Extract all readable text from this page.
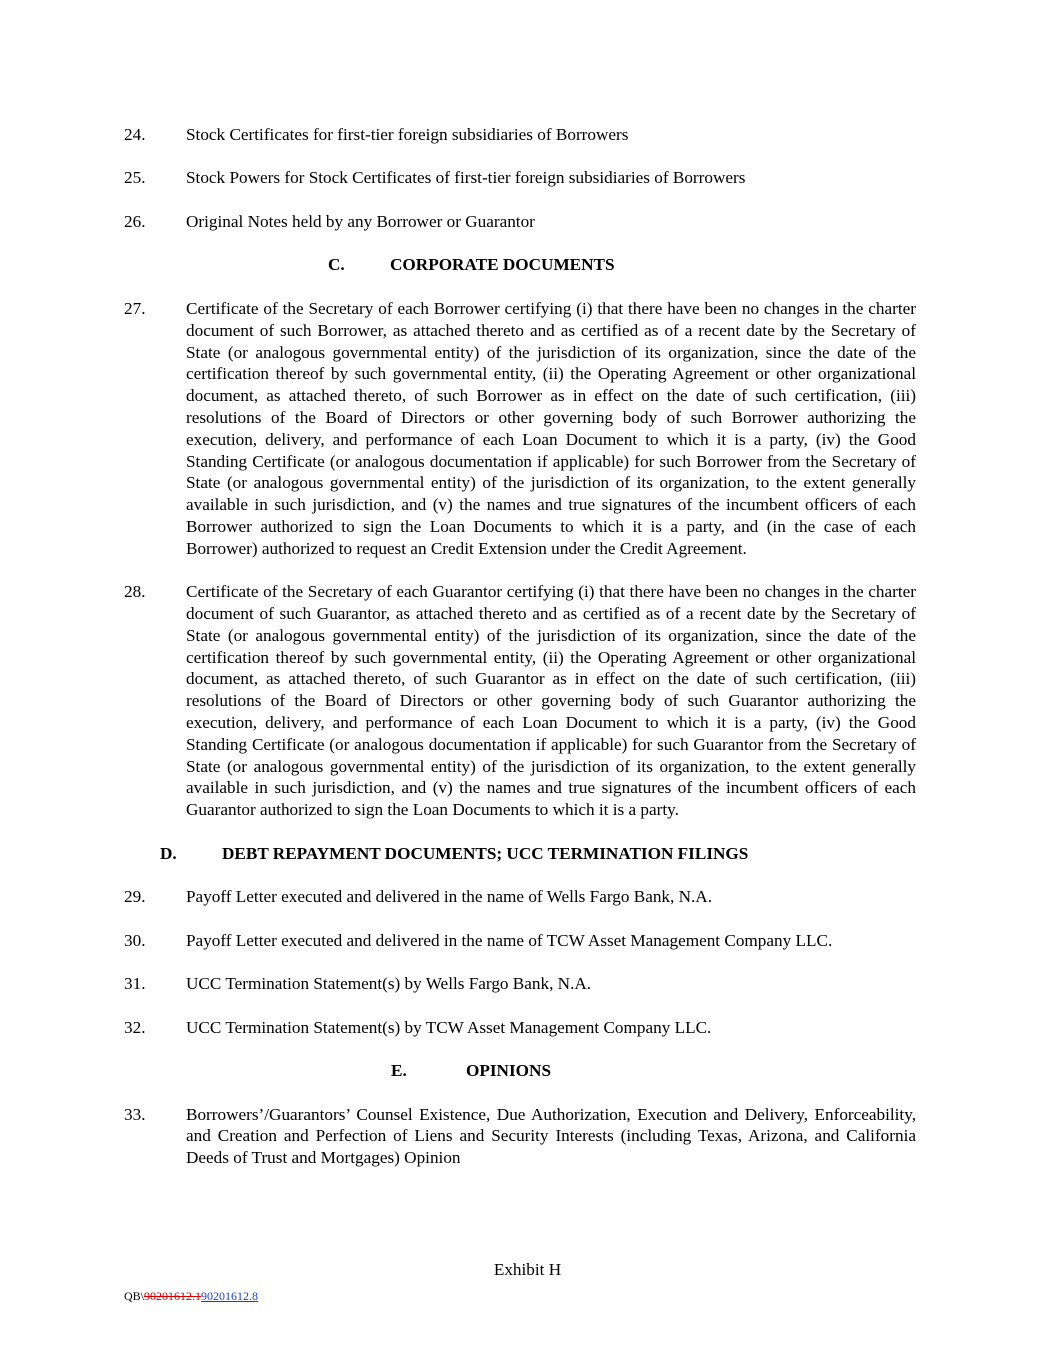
24.	Stock Certificates for first-tier foreign subsidiaries of Borrowers
25.	Stock Powers for Stock Certificates of first-tier foreign subsidiaries of Borrowers
26.	Original Notes held by any Borrower or Guarantor
C.	CORPORATE DOCUMENTS
27.	Certificate of the Secretary of each Borrower certifying (i) that there have been no changes in the charter document of such Borrower, as attached thereto and as certified as of a recent date by the Secretary of State (or analogous governmental entity) of the jurisdiction of its organization, since the date of the certification thereof by such governmental entity, (ii) the Operating Agreement or other organizational document, as attached thereto, of such Borrower as in effect on the date of such certification, (iii) resolutions of the Board of Directors or other governing body of such Borrower authorizing the execution, delivery, and performance of each Loan Document to which it is a party, (iv) the Good Standing Certificate (or analogous documentation if applicable) for such Borrower from the Secretary of State (or analogous governmental entity) of the jurisdiction of its organization, to the extent generally available in such jurisdiction, and (v) the names and true signatures of the incumbent officers of each Borrower authorized to sign the Loan Documents to which it is a party, and (in the case of each Borrower) authorized to request an Credit Extension under the Credit Agreement.
28.	Certificate of the Secretary of each Guarantor certifying (i) that there have been no changes in the charter document of such Guarantor, as attached thereto and as certified as of a recent date by the Secretary of State (or analogous governmental entity) of the jurisdiction of its organization, since the date of the certification thereof by such governmental entity, (ii) the Operating Agreement or other organizational document, as attached thereto, of such Guarantor as in effect on the date of such certification, (iii) resolutions of the Board of Directors or other governing body of such Guarantor authorizing the execution, delivery, and performance of each Loan Document to which it is a party, (iv) the Good Standing Certificate (or analogous documentation if applicable) for such Guarantor from the Secretary of State (or analogous governmental entity) of the jurisdiction of its organization, to the extent generally available in such jurisdiction, and (v) the names and true signatures of the incumbent officers of each Guarantor authorized to sign the Loan Documents to which it is a party.
D.	DEBT REPAYMENT DOCUMENTS; UCC TERMINATION FILINGS
29.	Payoff Letter executed and delivered in the name of Wells Fargo Bank, N.A.
30.	Payoff Letter executed and delivered in the name of TCW Asset Management Company LLC.
31.	UCC Termination Statement(s) by Wells Fargo Bank, N.A.
32.	UCC Termination Statement(s) by TCW Asset Management Company LLC.
E.	OPINIONS
33.	Borrowers’/Guarantors’ Counsel Existence, Due Authorization, Execution and Delivery, Enforceability, and Creation and Perfection of Liens and Security Interests (including Texas, Arizona, and California Deeds of Trust and Mortgages) Opinion
Exhibit H
QB\90201612.190201612.8
